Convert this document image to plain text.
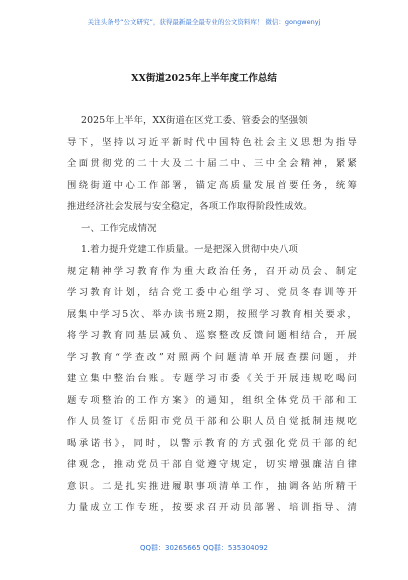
关注头条号“公文研究”，获得最新最全最专业的公文资料库！ 微信：gongwenyj
XX街道2025年上半年度工作总结
2025年上半年，XX街道在区党工委、管委会的坚强领
导下，坚持以习近平新时代中国特色社会主义思想为指导
全面贯彻党的二十大及二十届二中、三中全会精神，紧紧
围绕街道中心工作部署，锚定高质量发展首要任务，统筹
推进经济社会发展与安全稳定，各项工作取得阶段性成效。
一、工作完成情况
1.着力提升党建工作质量。一是把深入贯彻中央八项
规定精神学习教育作为重大政治任务，召开动员会、制定
学习教育计划，结合党工委中心组学习、党员冬春训等开
展集中学习5次、举办读书班2期，按照学习教育相关要求，
将学习教育同基层减负、巡察整改反馈问题相结合，开展
学习教育“学查改”对照两个问题清单开展查摆问题，并
建立集中整治台账。专题学习市委《关于开展违规吃喝问
题专项整治的工作方案》的通知，组织全体党员干部和工
作人员签订《岳阳市党员干部和公职人员自觉抵制违规吃
喝承诺书》，同时，以警示教育的方式强化党员干部的纪
律观念，推动党员干部自觉遵守规定，切实增强廉洁自律
意识。二是扎实推进履职事项清单工作，抽调各站所精干
力量成立工作专班，按要求召开动员部署、培训指导、清
QQ群：30265665 QQ群：535304092
